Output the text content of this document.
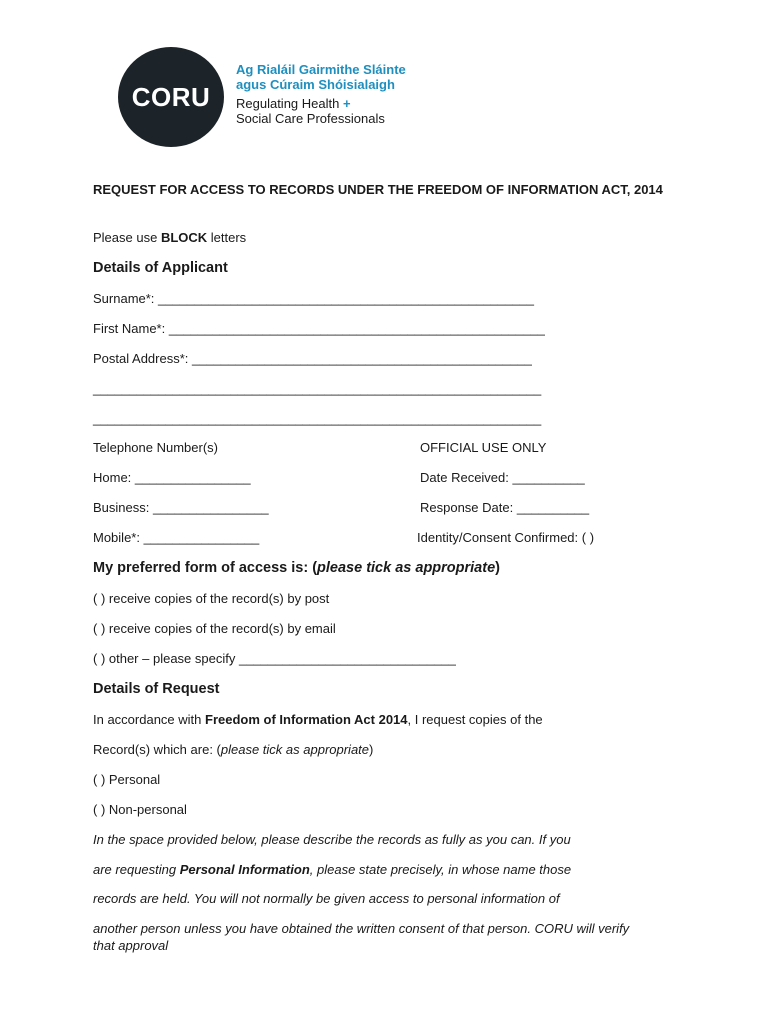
CORU
Ag Rialáil Gairmithe Sláinte
agus Cúraim Shóisialaigh
Regulating Health +
Social Care Professionals
REQUEST FOR ACCESS TO RECORDS UNDER THE FREEDOM OF INFORMATION ACT, 2014
Please use BLOCK letters
Details of Applicant
Surname*: ____________________________________________________
First Name*: ____________________________________________________
Postal Address*: _______________________________________________
______________________________________________________________
______________________________________________________________
Telephone Number(s)
Home: ________________
Business: ________________
Mobile*: ________________
OFFICIAL USE ONLY
Date Received: __________
Response Date: __________
Identity/Consent Confirmed: ( )
My preferred form of access is: (please tick as appropriate)
( ) receive copies of the record(s) by post
( ) receive copies of the record(s) by email
( ) other – please specify ______________________________
Details of Request
In accordance with Freedom of Information Act 2014, I request copies of the
Record(s) which are: (please tick as appropriate)
( ) Personal
( ) Non-personal
In the space provided below, please describe the records as fully as you can. If you
are requesting Personal Information, please state precisely, in whose name those
records are held. You will not normally be given access to personal information of
another person unless you have obtained the written consent of that person. CORU will verify that approval
